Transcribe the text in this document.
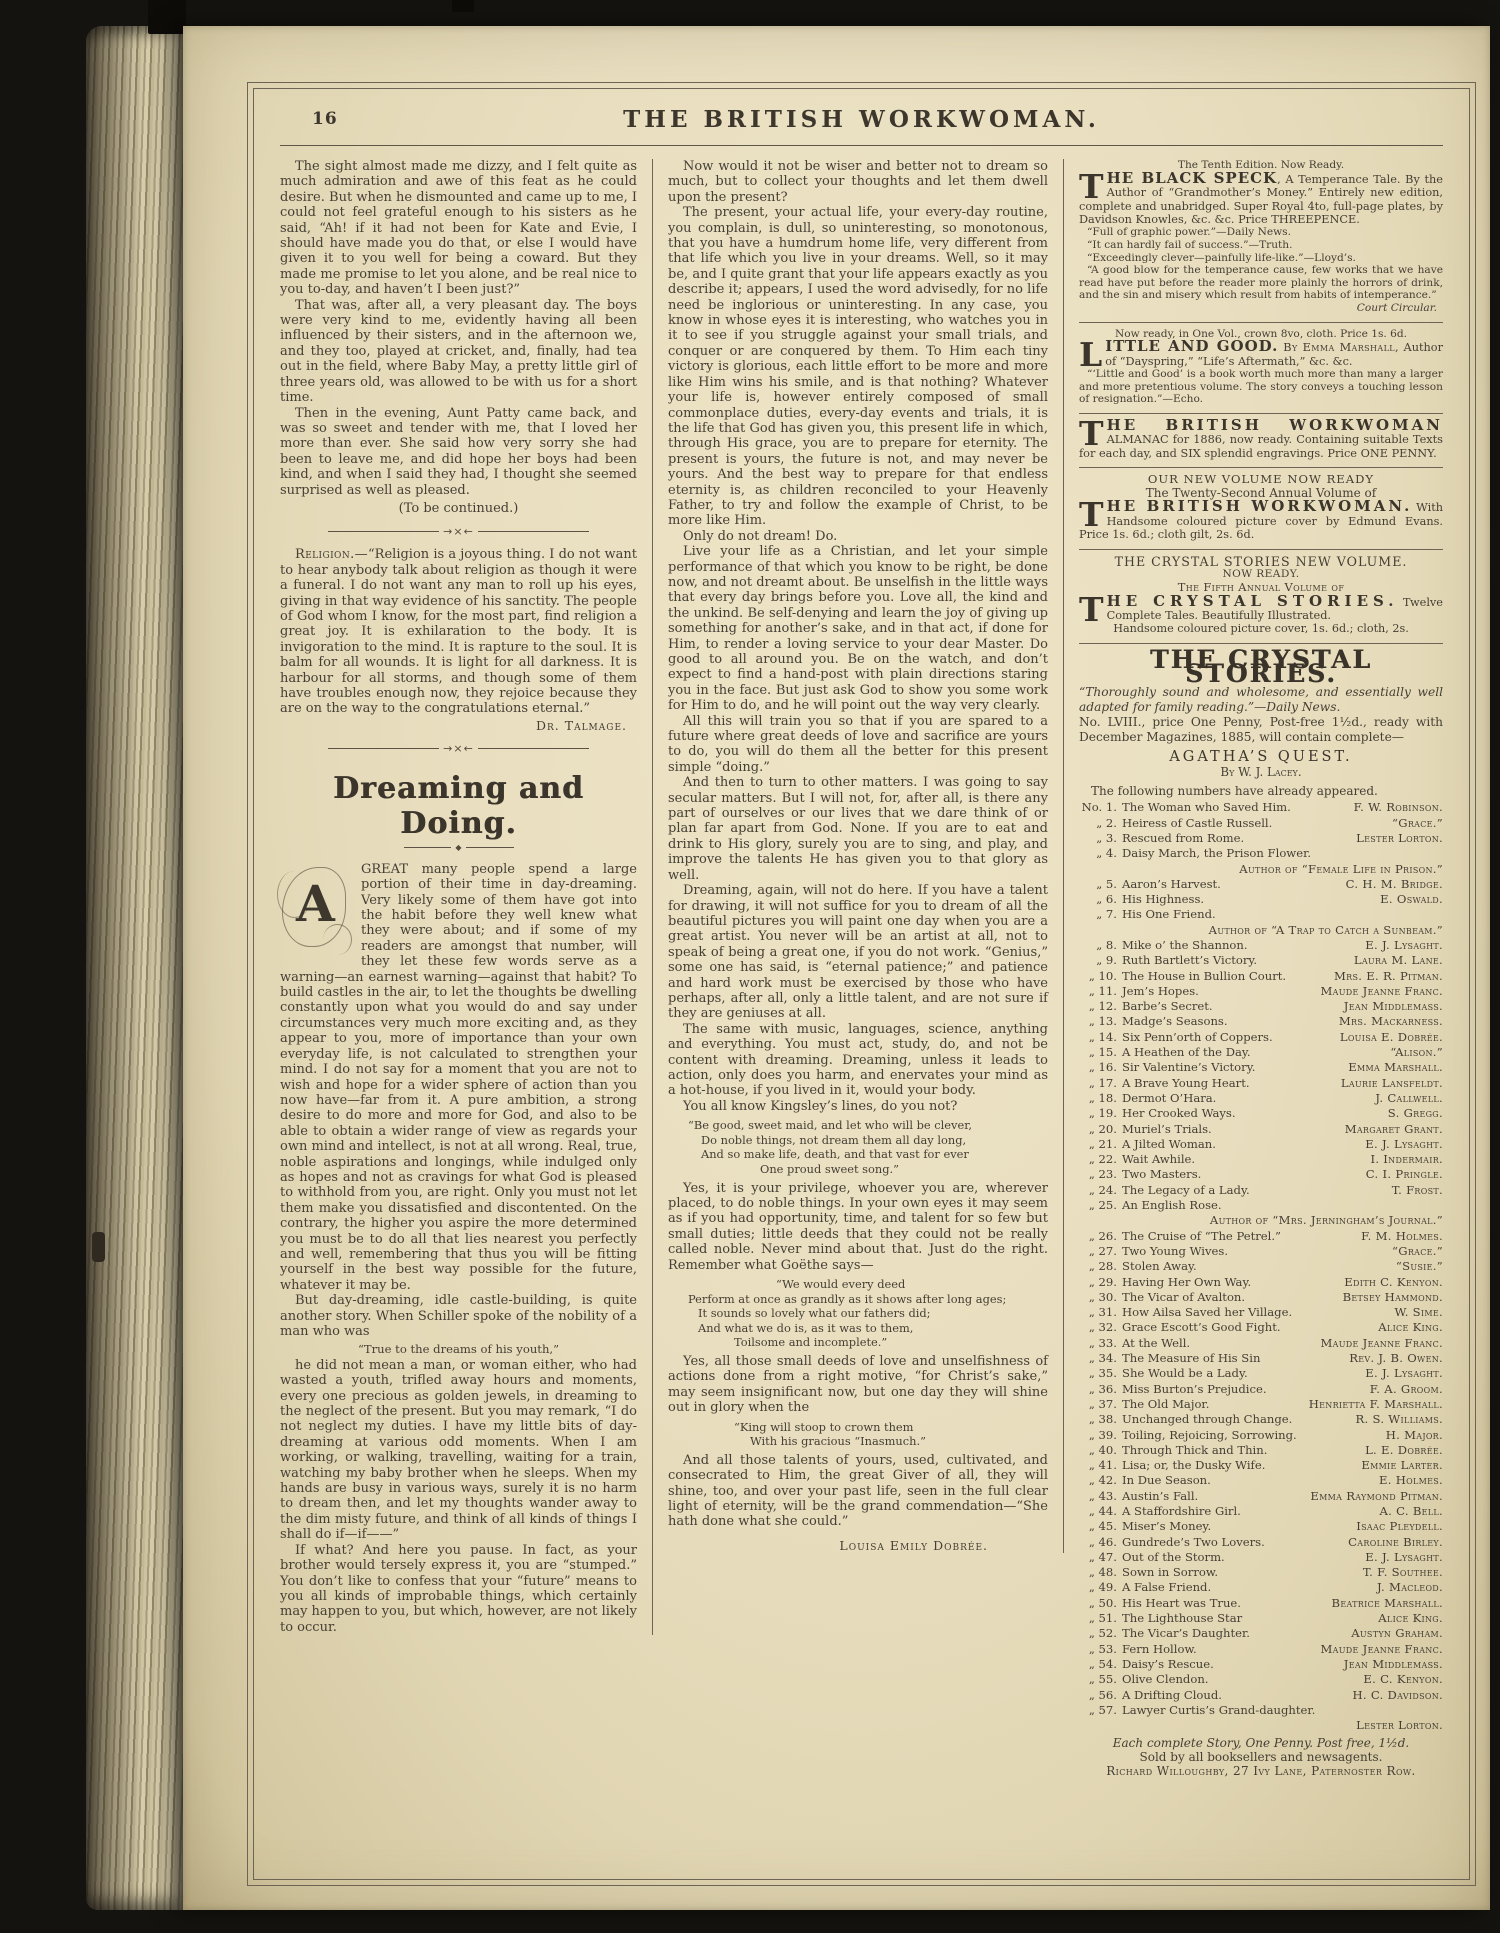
16	THE BRITISH WORKWOMAN.

The sight almost made me dizzy, and I felt quite as much admiration and awe of this feat as he could desire. But when he dismounted and came up to me, I could not feel grateful enough to his sisters as he said, “Ah! if it had not been for Kate and Evie, I should have made you do that, or else I would have given it to you well for being a coward. But they made me promise to let you alone, and be real nice to you to-day, and haven’t I been just?”

That was, after all, a very pleasant day. The boys were very kind to me, evidently having all been influenced by their sisters, and in the afternoon we, and they too, played at cricket, and, finally, had tea out in the field, where Baby May, a pretty little girl of three years old, was allowed to be with us for a short time.

Then in the evening, Aunt Patty came back, and was so sweet and tender with me, that I loved her more than ever. She said how very sorry she had been to leave me, and did hope her boys had been kind, and when I said they had, I thought she seemed surprised as well as pleased.

(To be continued.)

→×←

Religion.—“Religion is a joyous thing. I do not want to hear anybody talk about religion as though it were a funeral. I do not want any man to roll up his eyes, giving in that way evidence of his sanctity. The people of God whom I know, for the most part, find religion a great joy. It is exhilaration to the body. It is invigoration to the mind. It is rapture to the soul. It is balm for all wounds. It is light for all darkness. It is harbour for all storms, and though some of them have troubles enough now, they rejoice because they are on the way to the congratulations eternal.”

Dr. Talmage.
→×←
Dreaming and Doing.
◆

A
GREAT many people spend a large portion of their time in day-dreaming. Very likely some of them have got into the habit before they well knew what they were about; and if some of my readers are amongst that number, will they let these few words serve as a warning—an earnest warning—against that habit? To build castles in the air, to let the thoughts be dwelling constantly upon what you would do and say under circumstances very much more exciting and, as they appear to you, more of importance than your own everyday life, is not calculated to strengthen your mind. I do not say for a moment that you are not to wish and hope for a wider sphere of action than you now have—far from it. A pure ambition, a strong desire to do more and more for God, and also to be able to obtain a wider range of view as regards your own mind and intellect, is not at all wrong. Real, true, noble aspirations and longings, while indulged only as hopes and not as cravings for what God is pleased to withhold from you, are right. Only you must not let them make you dissatisfied and discontented. On the contrary, the higher you aspire the more determined you must be to do all that lies nearest you perfectly and well, remembering that thus you will be fitting yourself in the best way possible for the future, whatever it may be.

But day-dreaming, idle castle-building, is quite another story. When Schiller spoke of the nobility of a man who was

“True to the dreams of his youth,”

he did not mean a man, or woman either, who had wasted a youth, trifled away hours and moments, every one precious as golden jewels, in dreaming to the neglect of the present. But you may remark, “I do not neglect my duties. I have my little bits of day-dreaming at various odd moments. When I am working, or walking, travelling, waiting for a train, watching my baby brother when he sleeps. When my hands are busy in various ways, surely it is no harm to dream then, and let my thoughts wander away to the dim misty future, and think of all kinds of things I shall do if—if——”

If what? And here you pause. In fact, as your brother would tersely express it, you are “stumped.” You don’t like to confess that your “future” means to you all kinds of improbable things, which certainly may happen to you, but which, however, are not likely to occur.

Now would it not be wiser and better not to dream so much, but to collect your thoughts and let them dwell upon the present?

The present, your actual life, your every-day routine, you complain, is dull, so uninteresting, so monotonous, that you have a humdrum home life, very different from that life which you live in your dreams. Well, so it may be, and I quite grant that your life appears exactly as you describe it; appears, I used the word advisedly, for no life need be inglorious or uninteresting. In any case, you know in whose eyes it is interesting, who watches you in it to see if you struggle against your small trials, and conquer or are conquered by them. To Him each tiny victory is glorious, each little effort to be more and more like Him wins his smile, and is that nothing? Whatever your life is, however entirely composed of small commonplace duties, every-day events and trials, it is the life that God has given you, this present life in which, through His grace, you are to prepare for eternity. The present is yours, the future is not, and may never be yours. And the best way to prepare for that endless eternity is, as children reconciled to your Heavenly Father, to try and follow the example of Christ, to be more like Him.

Only do not dream! Do.

Live your life as a Christian, and let your simple performance of that which you know to be right, be done now, and not dreamt about. Be unselfish in the little ways that every day brings before you. Love all, the kind and the unkind. Be self-denying and learn the joy of giving up something for another’s sake, and in that act, if done for Him, to render a loving service to your dear Master. Do good to all around you. Be on the watch, and don’t expect to find a hand-post with plain directions staring you in the face. But just ask God to show you some work for Him to do, and he will point out the way very clearly.

All this will train you so that if you are spared to a future where great deeds of love and sacrifice are yours to do, you will do them all the better for this present simple “doing.”

And then to turn to other matters. I was going to say secular matters. But I will not, for, after all, is there any part of ourselves or our lives that we dare think of or plan far apart from God. None. If you are to eat and drink to His glory, surely you are to sing, and play, and improve the talents He has given you to that glory as well.

Dreaming, again, will not do here. If you have a talent for drawing, it will not suffice for you to dream of all the beautiful pictures you will paint one day when you are a great artist. You never will be an artist at all, not to speak of being a great one, if you do not work. “Genius,” some one has said, is “eternal patience;” and patience and hard work must be exercised by those who have perhaps, after all, only a little talent, and are not sure if they are geniuses at all.

The same with music, languages, science, anything and everything. You must act, study, do, and not be content with dreaming. Dreaming, unless it leads to action, only does you harm, and enervates your mind as a hot-house, if you lived in it, would your body.

You all know Kingsley’s lines, do you not?

“Be good, sweet maid, and let who will be clever,
Do noble things, not dream them all day long,
And so make life, death, and that vast for ever
One proud sweet song.”

Yes, it is your privilege, whoever you are, wherever placed, to do noble things. In your own eyes it may seem as if you had opportunity, time, and talent for so few but small duties; little deeds that they could not be really called noble. Never mind about that. Just do the right. Remember what Goëthe says—

“We would every deed
Perform at once as grandly as it shows after long ages;
It sounds so lovely what our fathers did;
And what we do is, as it was to them,
Toilsome and incomplete.”

Yes, all those small deeds of love and unselfishness of actions done from a right motive, “for Christ’s sake,” may seem insignificant now, but one day they will shine out in glory when the

“King will stoop to crown them
With his gracious “Inasmuch.”

And all those talents of yours, used, cultivated, and consecrated to Him, the great Giver of all, they will shine, too, and over your past life, seen in the full clear light of eternity, will be the grand commendation—“She hath done what she could.”

Louisa Emily Dobrée.
The Tenth Edition. Now Ready.
THE BLACK SPECK, A Temperance Tale. By the Author of “Grandmother’s Money.” Entirely new edition, complete and unabridged. Super Royal 4to, full-page plates, by Davidson Knowles, &c. &c. Price THREEPENCE.
“Full of graphic power.”—Daily News.
“It can hardly fail of success.”—Truth.
“Exceedingly clever—painfully life-like.”—Lloyd’s.
“A good blow for the temperance cause, few works that we have read have put before the reader more plainly the horrors of drink, and the sin and misery which result from habits of intemperance.”
Court Circular.
Now ready, in One Vol., crown 8vo, cloth. Price 1s. 6d.
LITTLE AND GOOD. By Emma Marshall, Author of “Dayspring,” “Life’s Aftermath,” &c. &c.
“‘Little and Good’ is a book worth much more than many a larger and more pretentious volume. The story conveys a touching lesson of resignation.”—Echo.
THE BRITISH WORKWOMAN ALMANAC for 1886, now ready. Containing suitable Texts for each day, and SIX splendid engravings. Price ONE PENNY.
OUR NEW VOLUME NOW READY
The Twenty-Second Annual Volume of
THE BRITISH WORKWOMAN. With Handsome coloured picture cover by Edmund Evans. Price 1s. 6d.; cloth gilt, 2s. 6d.
THE CRYSTAL STORIES NEW VOLUME.
NOW READY.
The Fifth Annual Volume of
THE CRYSTAL STORIES. Twelve Complete Tales. Beautifully Illustrated.
Handsome coloured picture cover, 1s. 6d.; cloth, 2s.
THE CRYSTAL STORIES.
“Thoroughly sound and wholesome, and essentially well adapted for family reading.”—Daily News.
No. LVIII., price One Penny, Post-free 1½d., ready with December Magazines, 1885, will contain complete—
AGATHA’S QUEST.
By W. J. Lacey.
The following numbers have already appeared.
No. 1. The Woman who Saved Him.	F. W. Robinson.
„ 2. Heiress of Castle Russell.	“Grace.”
„ 3. Rescued from Rome.	Lester Lorton.
„ 4. Daisy March, the Prison Flower.
Author of “Female Life in Prison.”
„ 5. Aaron’s Harvest.	C. H. M. Bridge.
„ 6. His Highness.	E. Oswald.
„ 7. His One Friend.
Author of “A Trap to Catch a Sunbeam.”
„ 8. Mike o’ the Shannon.	E. J. Lysaght.
„ 9. Ruth Bartlett’s Victory.	Laura M. Lane.
„ 10. The House in Bullion Court.	Mrs. E. R. Pitman.
„ 11. Jem’s Hopes.	Maude Jeanne Franc.
„ 12. Barbe’s Secret.	Jean Middlemass.
„ 13. Madge’s Seasons.	Mrs. Mackarness.
„ 14. Six Penn’orth of Coppers.	Louisa E. Dobrée.
„ 15. A Heathen of the Day.	“Alison.”
„ 16. Sir Valentine’s Victory.	Emma Marshall.
„ 17. A Brave Young Heart.	Laurie Lansfeldt.
„ 18. Dermot O’Hara.	J. Callwell.
„ 19. Her Crooked Ways.	S. Gregg.
„ 20. Muriel’s Trials.	Margaret Grant.
„ 21. A Jilted Woman.	E. J. Lysaght.
„ 22. Wait Awhile.	I. Indermair.
„ 23. Two Masters.	C. I. Pringle.
„ 24. The Legacy of a Lady.	T. Frost.
„ 25. An English Rose.
Author of “Mrs. Jerningham’s Journal.”
„ 26. The Cruise of “The Petrel.”	F. M. Holmes.
„ 27. Two Young Wives.	“Grace.”
„ 28. Stolen Away.	“Susie.”
„ 29. Having Her Own Way.	Edith C. Kenyon.
„ 30. The Vicar of Avalton.	Betsey Hammond.
„ 31. How Ailsa Saved her Village.	W. Sime.
„ 32. Grace Escott’s Good Fight.	Alice King.
„ 33. At the Well.	Maude Jeanne Franc.
„ 34. The Measure of His Sin	Rev. J. B. Owen.
„ 35. She Would be a Lady.	E. J. Lysaght.
„ 36. Miss Burton’s Prejudice.	F. A. Groom.
„ 37. The Old Major.	Henrietta F. Marshall.
„ 38. Unchanged through Change.	R. S. Williams.
„ 39. Toiling, Rejoicing, Sorrowing.	H. Major.
„ 40. Through Thick and Thin.	L. E. Dobrée.
„ 41. Lisa; or, the Dusky Wife.	Emmie Larter.
„ 42. In Due Season.	E. Holmes.
„ 43. Austin’s Fall.	Emma Raymond Pitman.
„ 44. A Staffordshire Girl.	A. C. Bell.
„ 45. Miser’s Money.	Isaac Pleydell.
„ 46. Gundrede’s Two Lovers.	Caroline Birley.
„ 47. Out of the Storm.	E. J. Lysaght.
„ 48. Sown in Sorrow.	T. F. Southee.
„ 49. A False Friend.	J. Macleod.
„ 50. His Heart was True.	Beatrice Marshall.
„ 51. The Lighthouse Star	Alice King.
„ 52. The Vicar’s Daughter.	Austyn Graham.
„ 53. Fern Hollow.	Maude Jeanne Franc.
„ 54. Daisy’s Rescue.	Jean Middlemass.
„ 55. Olive Clendon.	E. C. Kenyon.
„ 56. A Drifting Cloud.	H. C. Davidson.
„ 57. Lawyer Curtis’s Grand-daughter.
Lester Lorton.
Each complete Story, One Penny. Post free, 1½d.
Sold by all booksellers and newsagents.
Richard Willoughby, 27 Ivy Lane, Paternoster Row.
